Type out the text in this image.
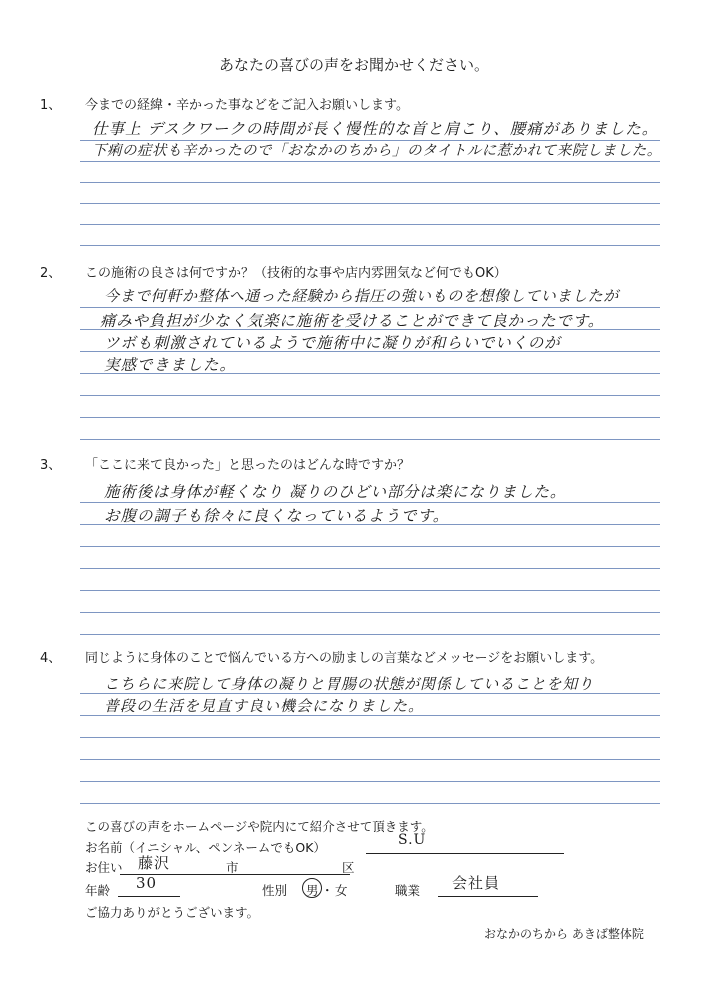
あなたの喜びの声をお聞かせください。
1、 今までの経緯・辛かった事などをご記入お願いします。
仕事上 デスクワークの時間が長く慢性的な首と肩こり、腰痛がありました。
下痢の症状も辛かったので「おなかのちから」のタイトルに惹かれて来院しました。
2、 この施術の良さは何ですか？（技術的な事や店内雰囲気など何でもOK）
今まで何軒か整体へ通った経験から指圧の強いものを想像していましたが
痛みや負担が少なく気楽に施術を受けることができて良かったです。
ツボも刺激されているようで施術中に凝りが和らいでいくのが
実感できました。
3、 「ここに来て良かった」と思ったのはどんな時ですか？
施術後は身体が軽くなり 凝りのひどい部分は楽になりました。
お腹の調子も徐々に良くなっているようです。
4、 同じように身体のことで悩んでいる方への励ましの言葉などメッセージをお願いします。
こちらに来院して身体の凝りと胃腸の状態が関係していることを知り
普段の生活を見直す良い機会になりました。
この喜びの声をホームページや院内にて紹介させて頂きます。
お名前（イニシャル、ペンネームでもOK）	S.U
お住い 藤沢	市	区
年齢 30	性別 男 ・ 女	職業 会社員
ご協力ありがとうございます。
おなかのちから あきば整体院
